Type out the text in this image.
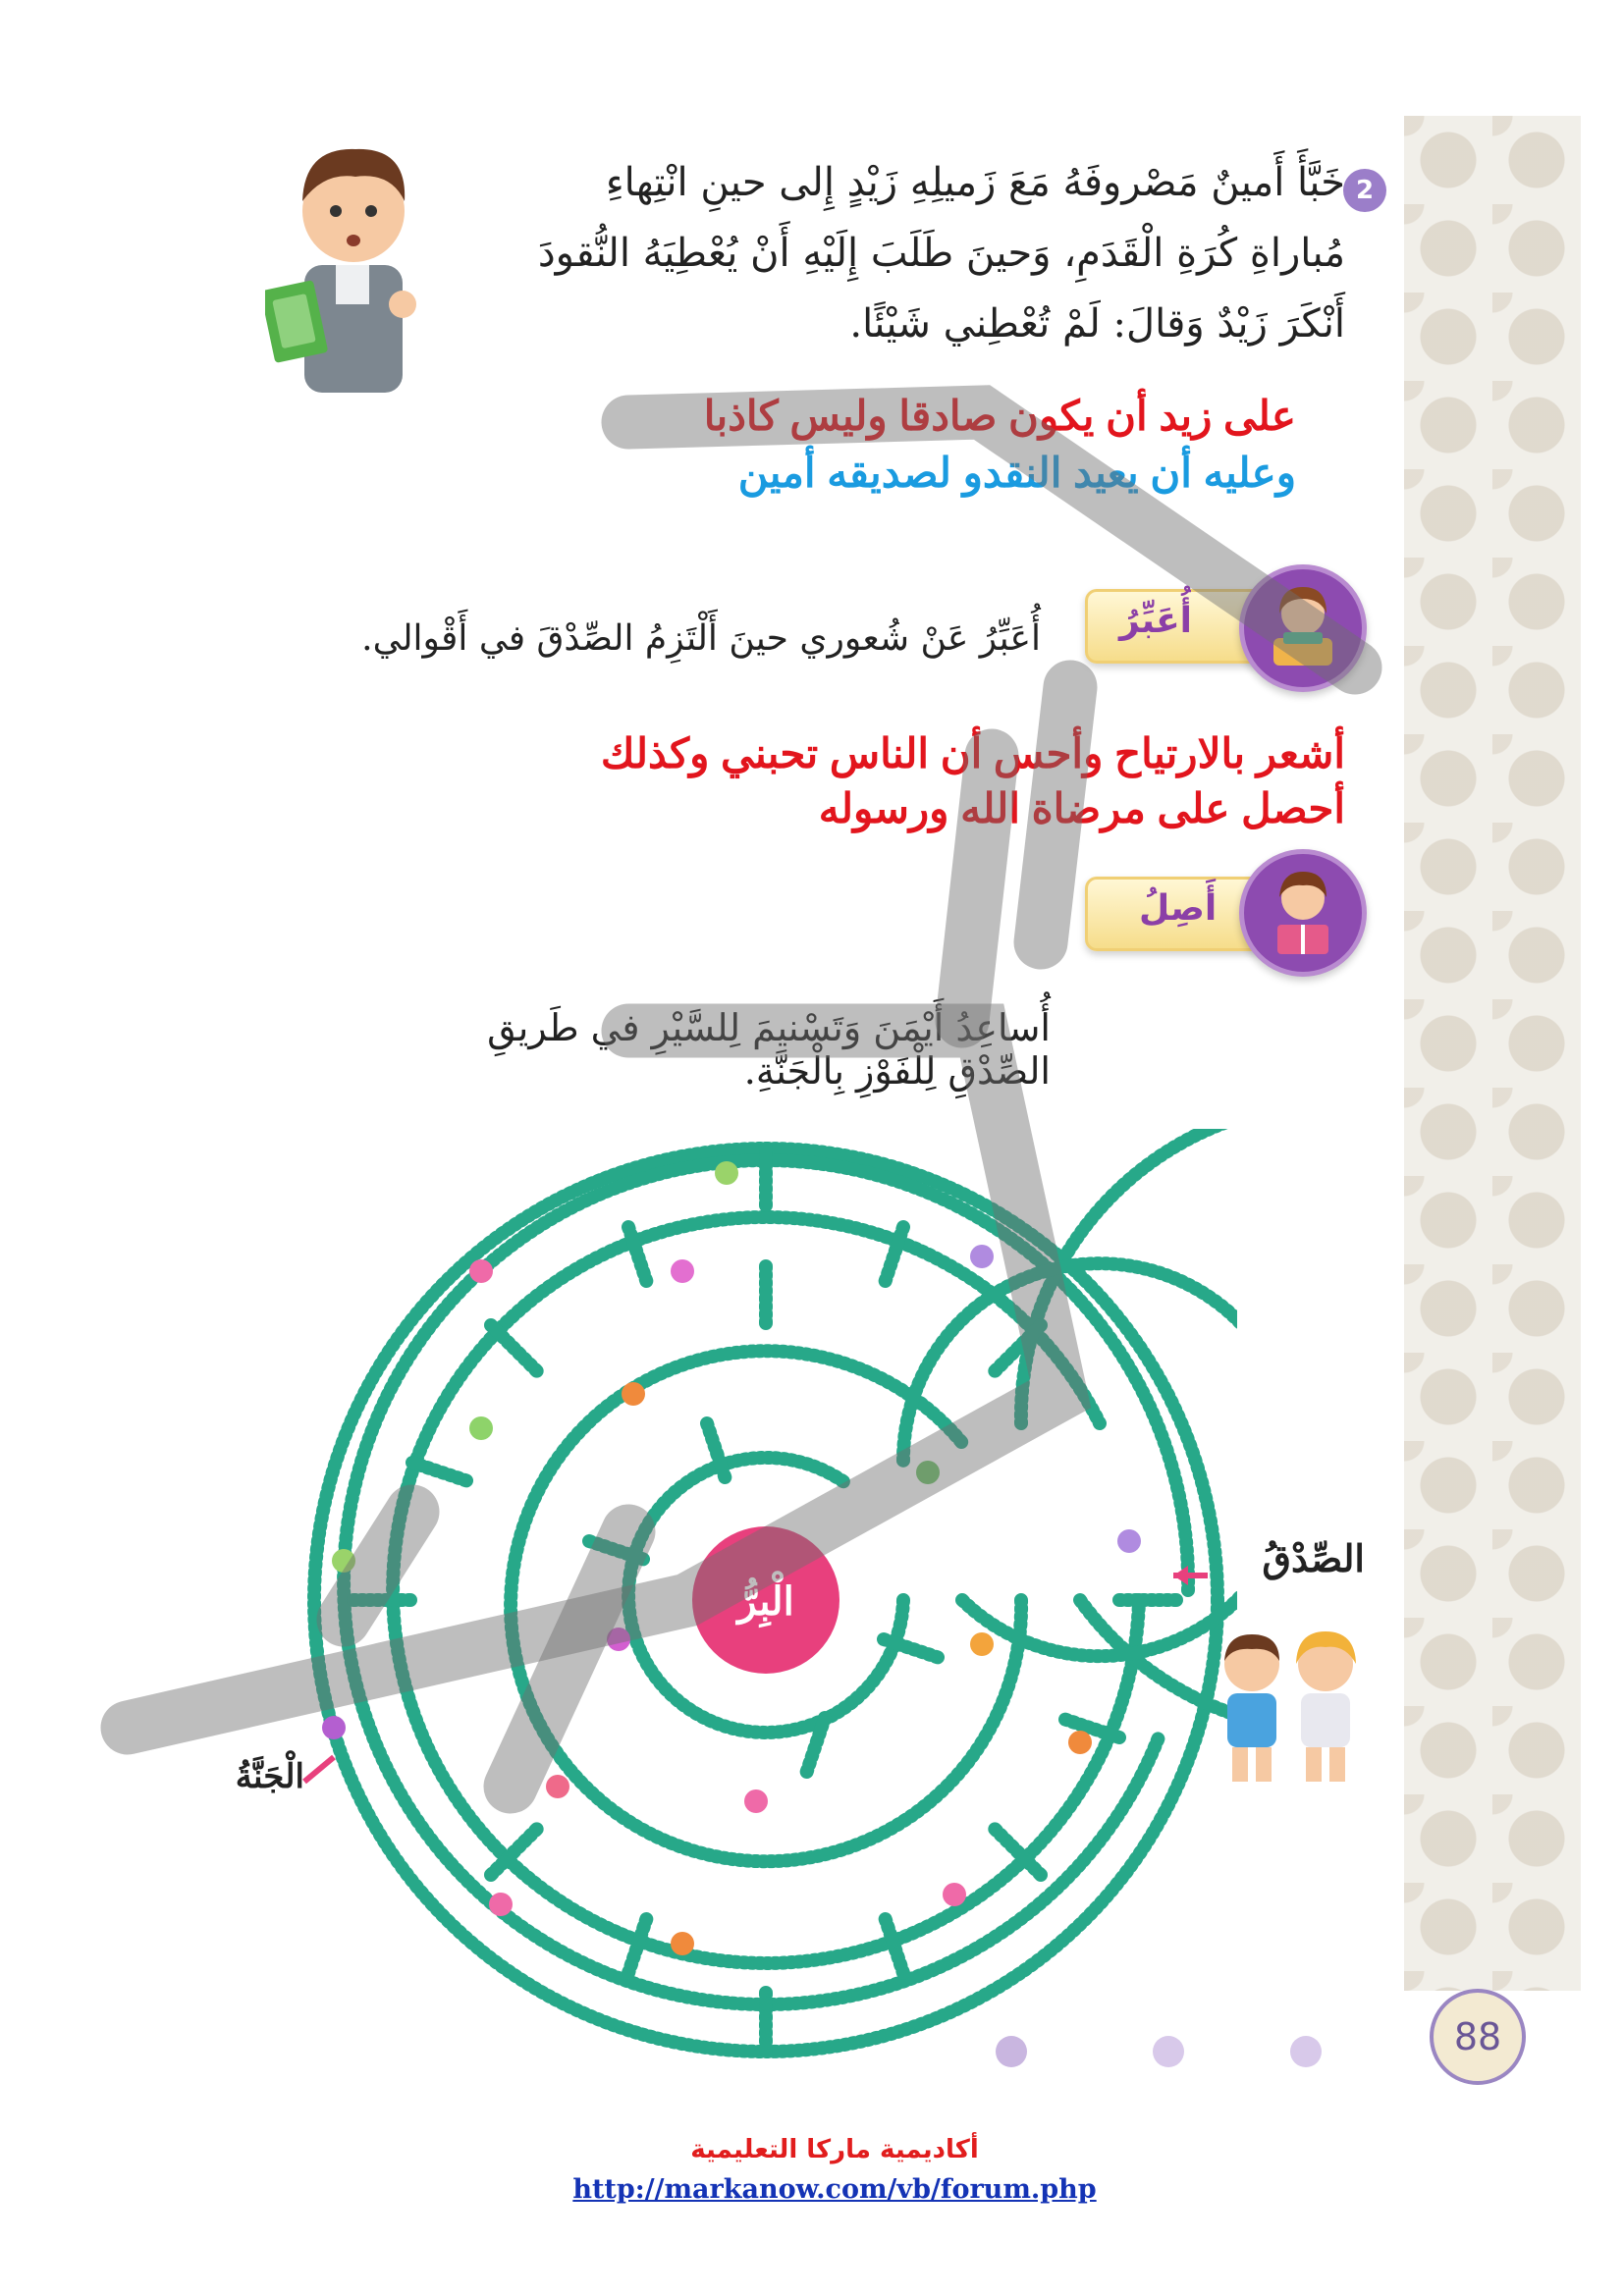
2
خَبَّأَ أَمينٌ مَصْروفَهُ مَعَ زَميلِهِ زَيْدٍ إِلى حينِ انْتِهاءِ
مُباراةِ كُرَةِ الْقَدَمِ، وَحينَ طَلَبَ إِلَيْهِ أَنْ يُعْطِيَهُ النُّقودَ
أَنْكَرَ زَيْدٌ وَقالَ: لَمْ تُعْطِني شَيْئًا.
على زيد أن يكون صادقا وليس كاذبا
وعليه أن يعيد النقدو لصديقه أمين
أُعَبِّرُ
أُعَبِّرُ عَنْ شُعوري حينَ أَلْتَزِمُ الصِّدْقَ في أَقْوالي.
أشعر بالارتياح وأحس أن الناس تحبني وكذلك
أحصل على مرضاة الله ورسوله
أَصِلُ
أُساعِدُ أَيْمَنَ وَتَسْنيمَ لِلسَّيْرِ في طَريقِ الصِّدْقِ لِلْفَوْزِ بِالْجَنَّةِ.
الْبِرُّ
الصِّدْقُ
الْجَنَّةُ
88
أكاديمية ماركا التعليمية
http://markanow.com/vb/forum.php
